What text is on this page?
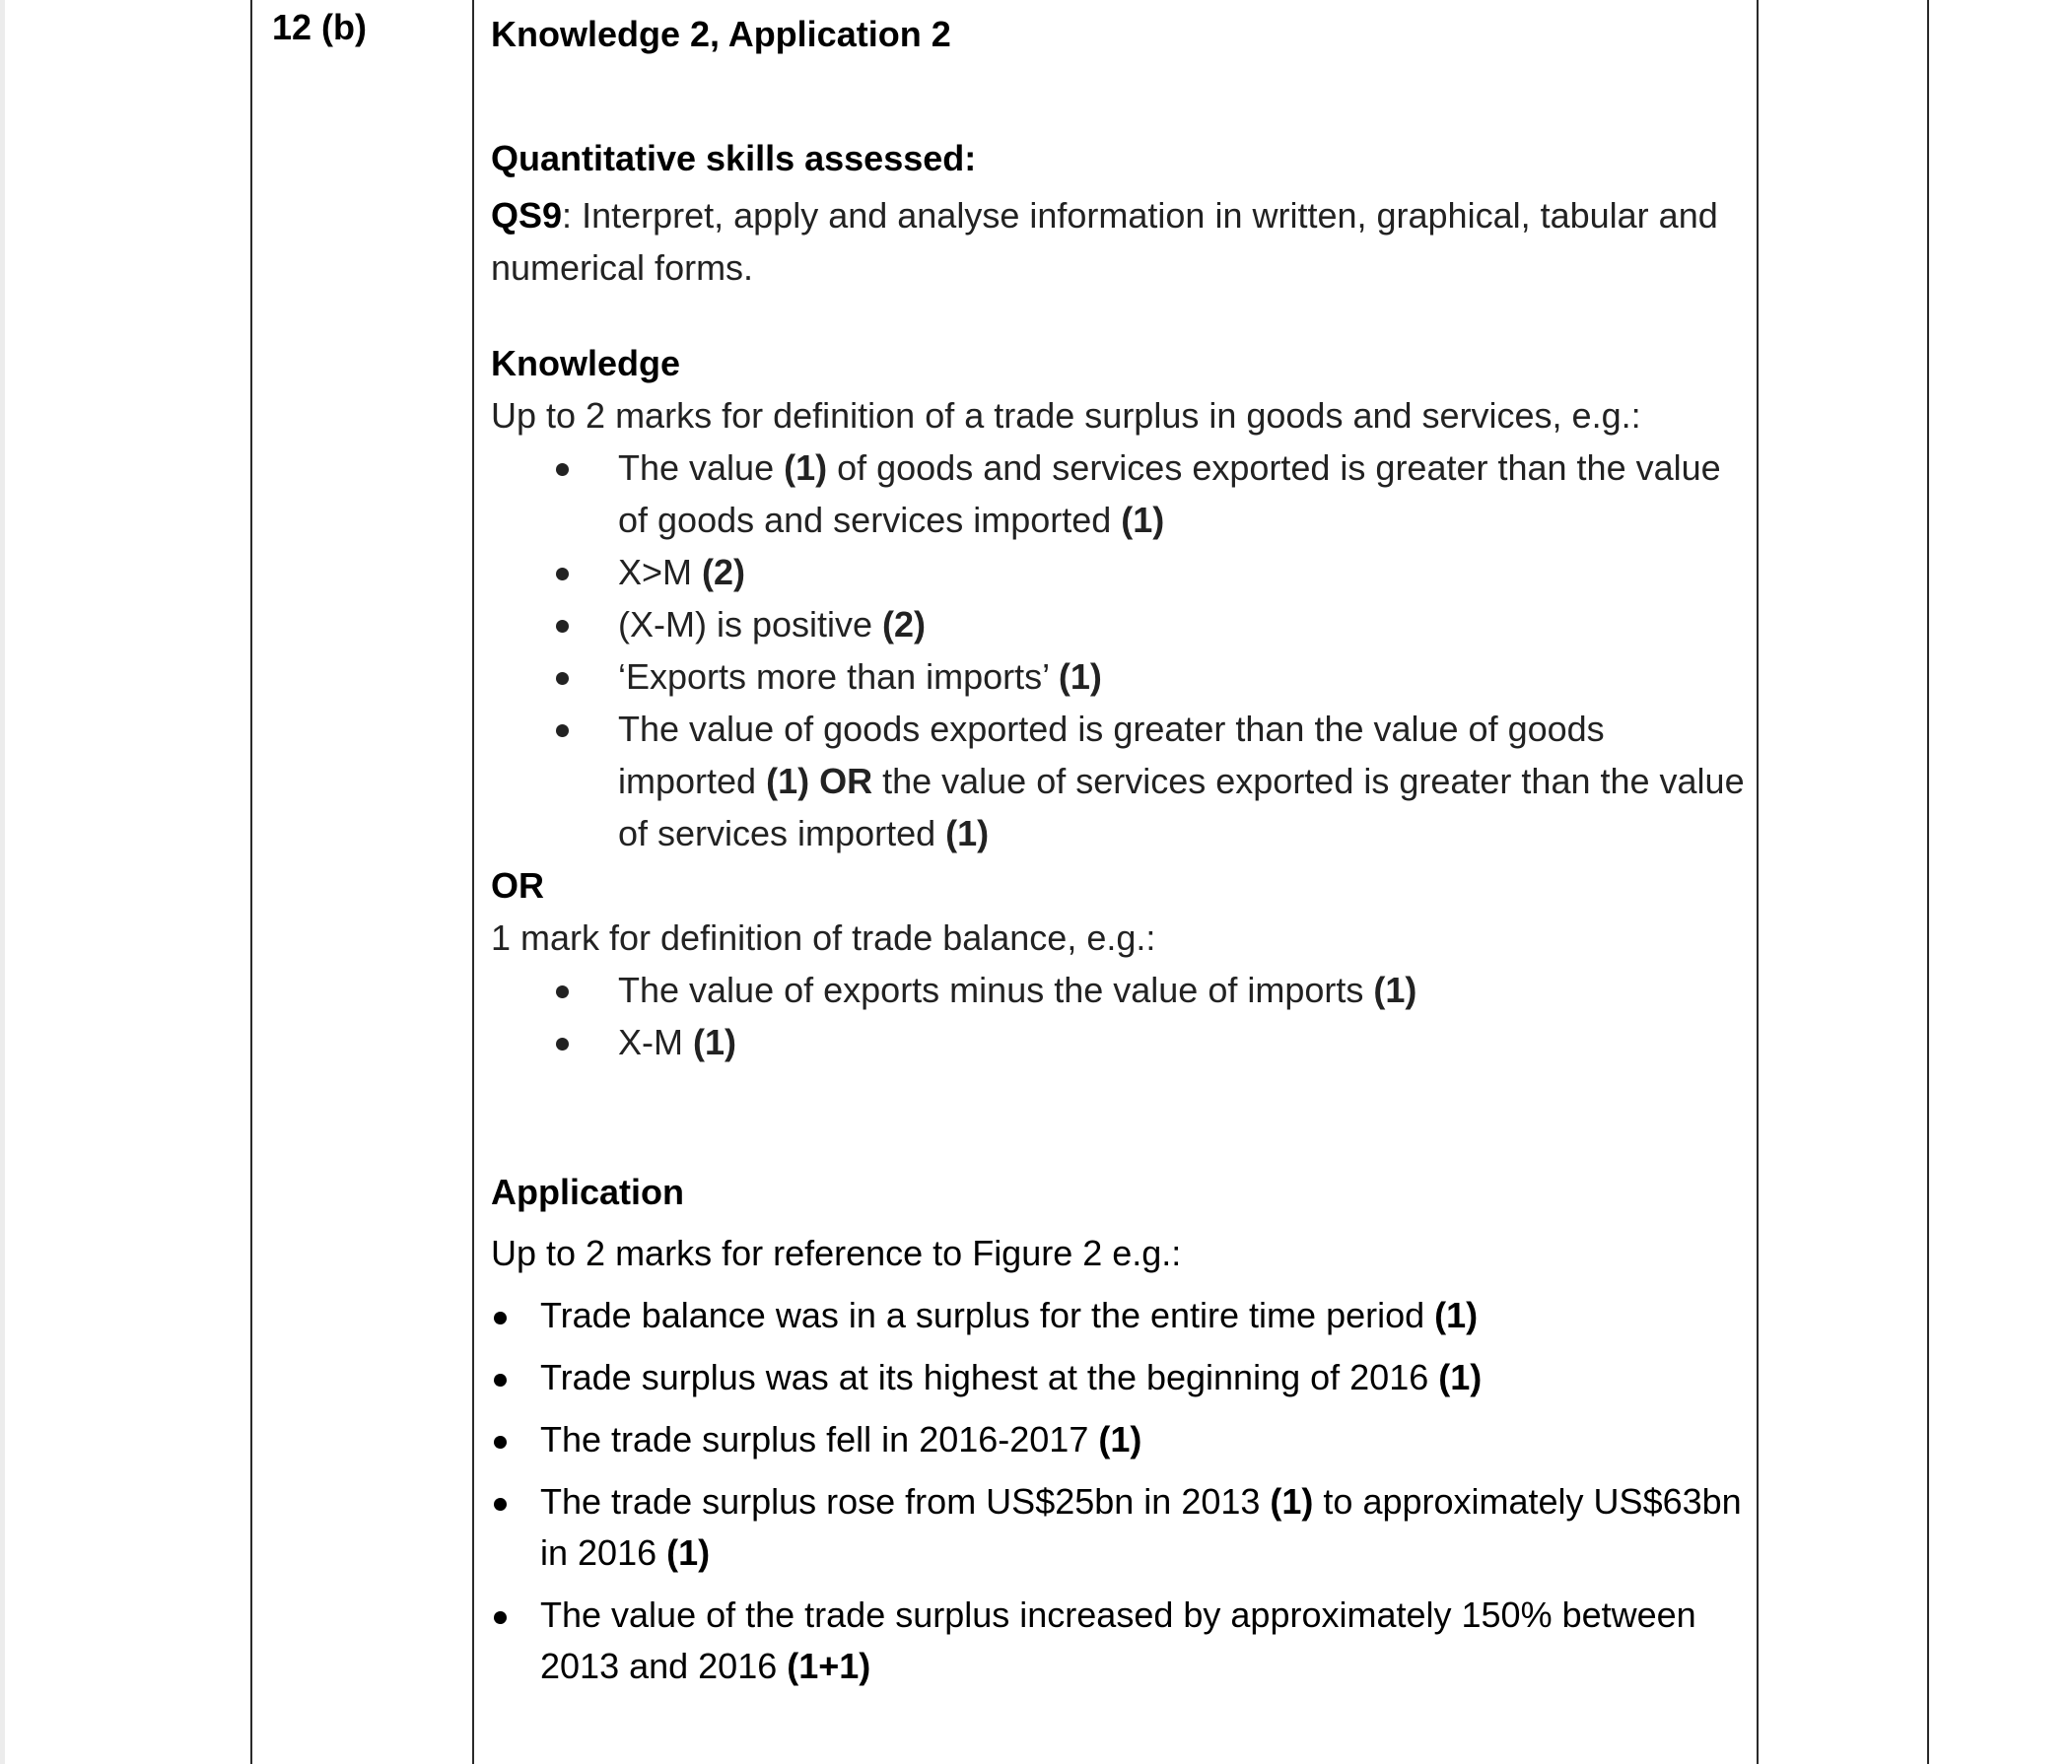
12 (b)	Knowledge 2, Application 2
Quantitative skills assessed:
QS9: Interpret, apply and analyse information in written, graphical, tabular and numerical forms.
Knowledge
Up to 2 marks for definition of a trade surplus in goods and services, e.g.:
The value (1) of goods and services exported is greater than the value of goods and services imported (1)
X>M (2)
(X-M) is positive (2)
‘Exports more than imports’ (1)
The value of goods exported is greater than the value of goods imported (1) OR the value of services exported is greater than the value of services imported (1)
OR
1 mark for definition of trade balance, e.g.:
The value of exports minus the value of imports (1)
X-M (1)
Application
Up to 2 marks for reference to Figure 2 e.g.:
Trade balance was in a surplus for the entire time period (1)
Trade surplus was at its highest at the beginning of 2016 (1)
The trade surplus fell in 2016-2017 (1)
The trade surplus rose from US$25bn in 2013 (1) to approximately US$63bn in 2016 (1)
The value of the trade surplus increased by approximately 150% between 2013 and 2016 (1+1)
